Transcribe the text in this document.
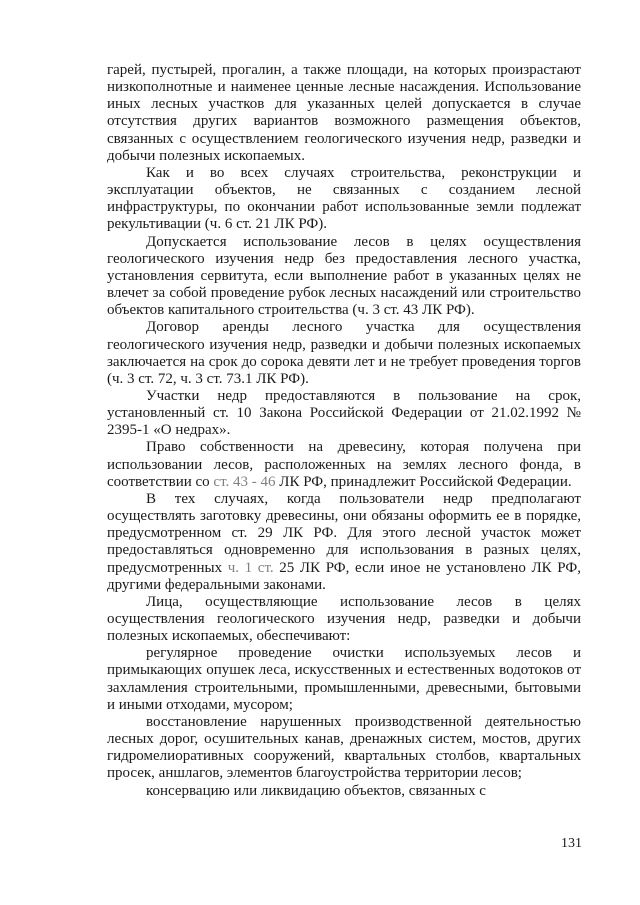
гарей, пустырей, прогалин, а также площади, на которых произрастают низкополнотные и наименее ценные лесные насаждения. Использование иных лесных участков для указанных целей допускается в случае отсутствия других вариантов возможного размещения объектов, связанных с осуществлением геологического изучения недр, разведки и добычи полезных ископаемых.

Как и во всех случаях строительства, реконструкции и эксплуатации объектов, не связанных с созданием лесной инфраструктуры, по окончании работ использованные земли подлежат рекультивации (ч. 6 ст. 21 ЛК РФ).

Допускается использование лесов в целях осуществления геологического изучения недр без предоставления лесного участка, установления сервитута, если выполнение работ в указанных целях не влечет за собой проведение рубок лесных насаждений или строительство объектов капитального строительства (ч. 3 ст. 43 ЛК РФ).

Договор аренды лесного участка для осуществления геологического изучения недр, разведки и добычи полезных ископаемых заключается на срок до сорока девяти лет и не требует проведения торгов (ч. 3 ст. 72, ч. 3 ст. 73.1 ЛК РФ).

Участки недр предоставляются в пользование на срок, установленный ст. 10 Закона Российской Федерации от 21.02.1992 № 2395-1 «О недрах».

Право собственности на древесину, которая получена при использовании лесов, расположенных на землях лесного фонда, в соответствии со ст. 43 - 46 ЛК РФ, принадлежит Российской Федерации.

В тех случаях, когда пользователи недр предполагают осуществлять заготовку древесины, они обязаны оформить ее в порядке, предусмотренном ст. 29 ЛК РФ. Для этого лесной участок может предоставляться одновременно для использования в разных целях, предусмотренных ч. 1 ст. 25 ЛК РФ, если иное не установлено ЛК РФ, другими федеральными законами.

Лица, осуществляющие использование лесов в целях осуществления геологического изучения недр, разведки и добычи полезных ископаемых, обеспечивают:

регулярное проведение очистки используемых лесов и примыкающих опушек леса, искусственных и естественных водотоков от захламления строительными, промышленными, древесными, бытовыми и иными отходами, мусором;

восстановление нарушенных производственной деятельностью лесных дорог, осушительных канав, дренажных систем, мостов, других гидромелиоративных сооружений, квартальных столбов, квартальных просек, аншлагов, элементов благоустройства территории лесов;

консервацию или ликвидацию объектов, связанных с

131
